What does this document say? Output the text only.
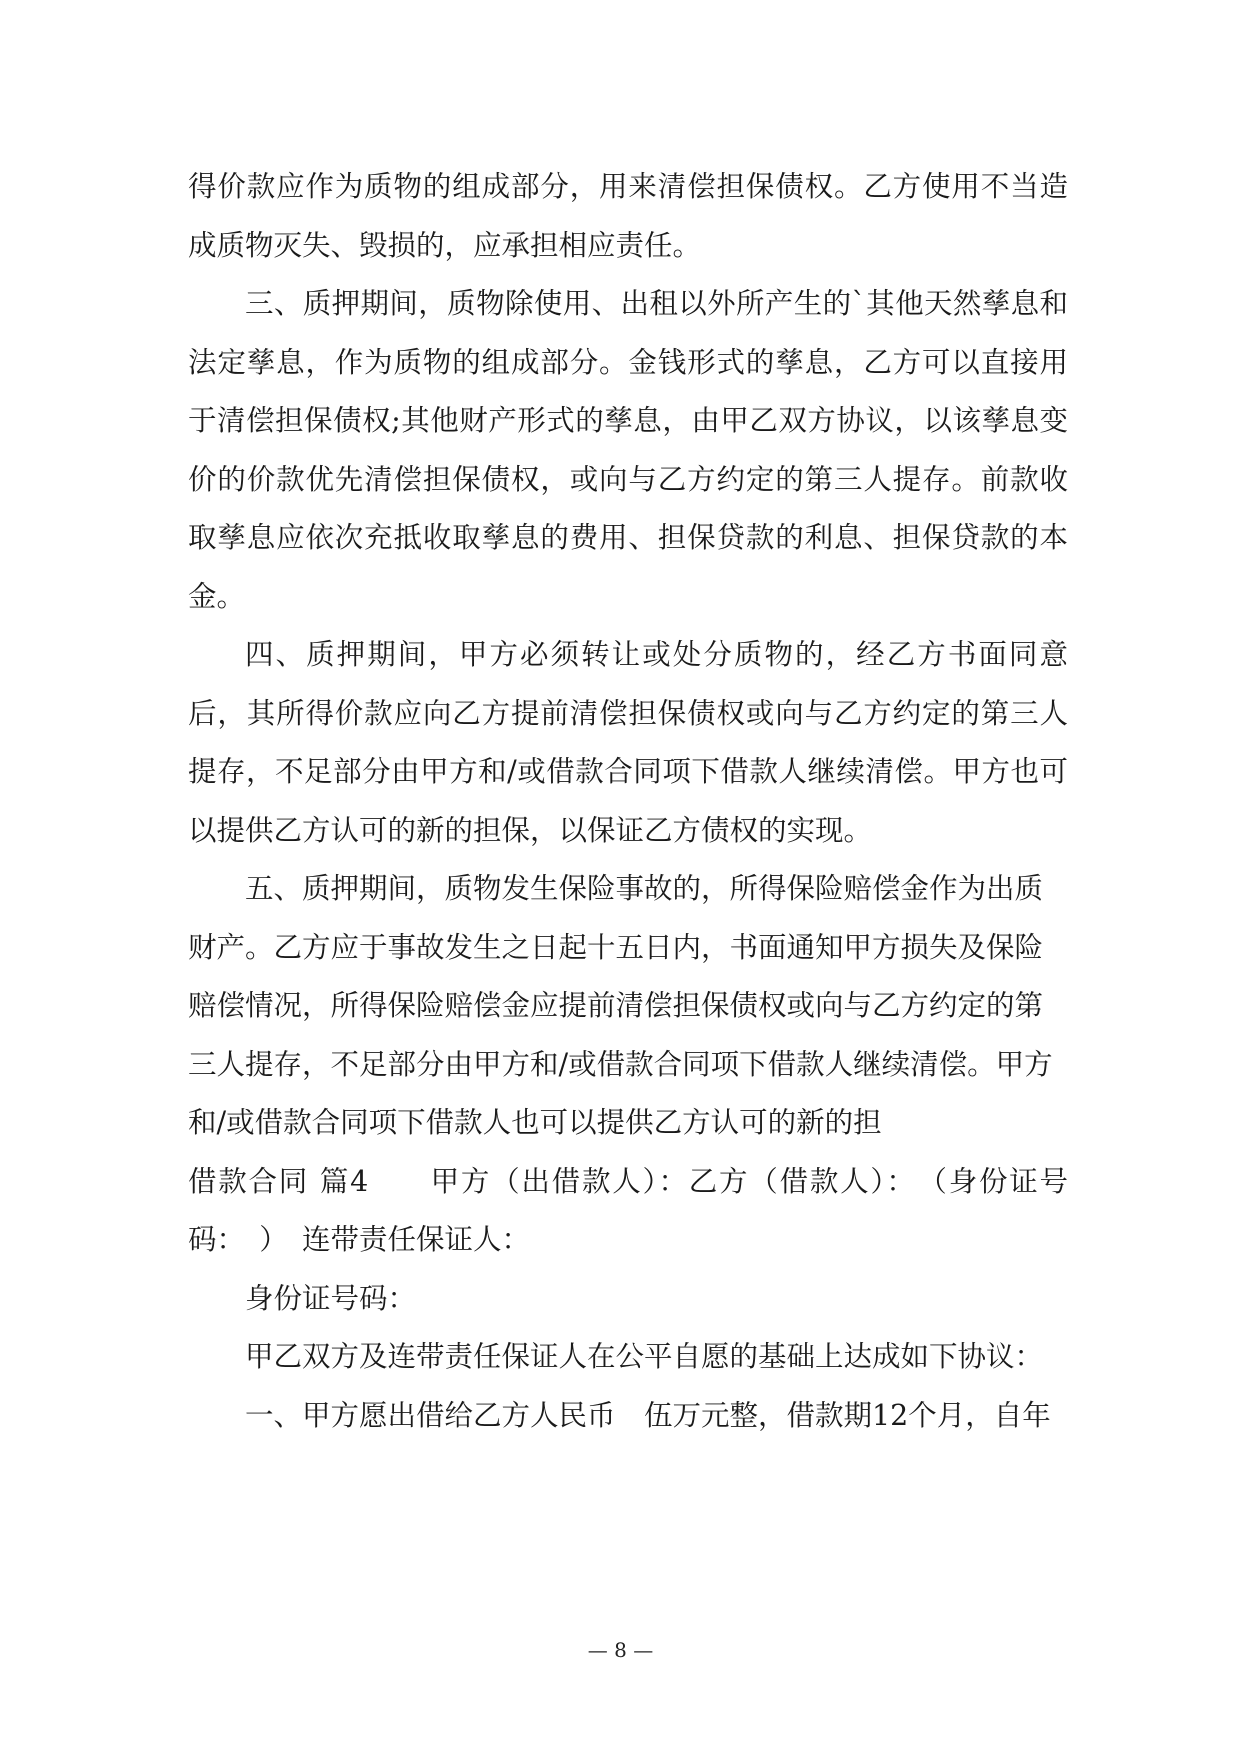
得价款应作为质物的组成部分，用来清偿担保债权。乙方使用不当造成质物灭失、毁损的，应承担相应责任。

三、质押期间，质物除使用、出租以外所产生的`其他天然孳息和法定孳息，作为质物的组成部分。金钱形式的孳息，乙方可以直接用于清偿担保债权;其他财产形式的孳息，由甲乙双方协议，以该孳息变价的价款优先清偿担保债权，或向与乙方约定的第三人提存。前款收取孳息应依次充抵收取孳息的费用、担保贷款的利息、担保贷款的本金。

四、质押期间，甲方必须转让或处分质物的，经乙方书面同意后，其所得价款应向乙方提前清偿担保债权或向与乙方约定的第三人提存，不足部分由甲方和/或借款合同项下借款人继续清偿。甲方也可以提供乙方认可的新的担保，以保证乙方债权的实现。

五、质押期间，质物发生保险事故的，所得保险赔偿金作为出质财产。乙方应于事故发生之日起十五日内，书面通知甲方损失及保险赔偿情况，所得保险赔偿金应提前清偿担保债权或向与乙方约定的第三人提存，不足部分由甲方和/或借款合同项下借款人继续清偿。甲方和/或借款合同项下借款人也可以提供乙方认可的新的担

借款合同 篇4　　甲方（出借款人）：乙方（借款人）：　（身份证号码：　）　连带责任保证人：

身份证号码：

甲乙双方及连带责任保证人在公平自愿的基础上达成如下协议：

一、甲方愿出借给乙方人民币　伍万元整，借款期12个月，自年

— 8 —
